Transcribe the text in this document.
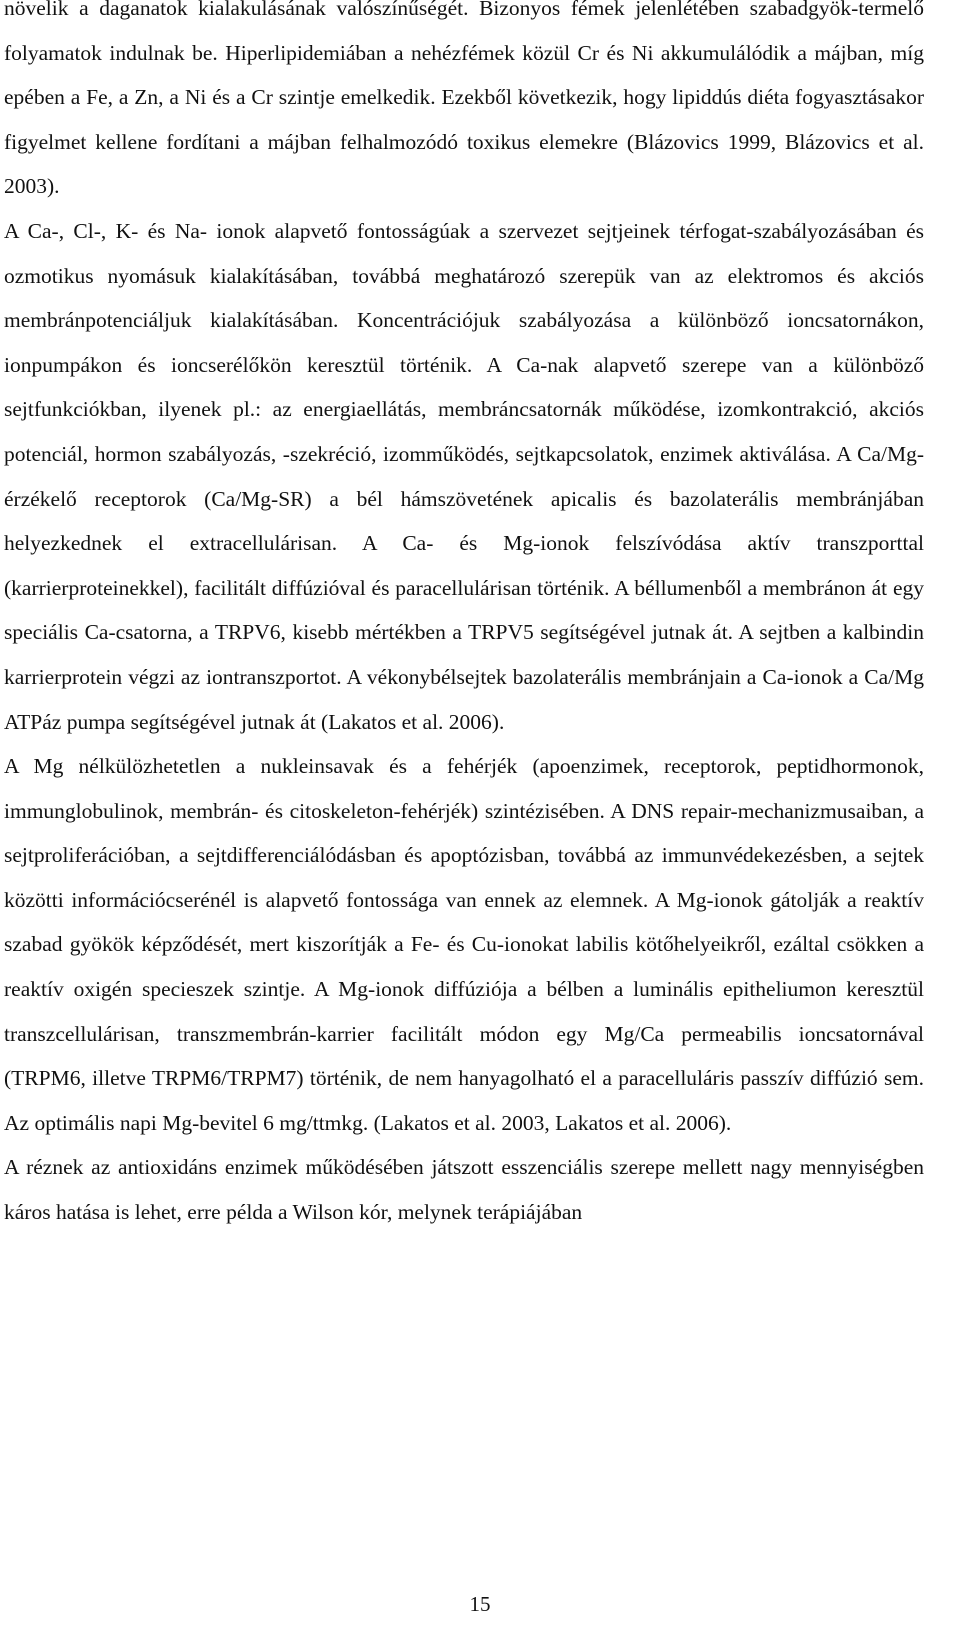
növelik a daganatok kialakulásának valószínűségét. Bizonyos fémek jelenlétében szabadgyök-termelő folyamatok indulnak be. Hiperlipidemiában a nehézfémek közül Cr és Ni akkumulálódik a májban, míg epében a Fe, a Zn, a Ni és a Cr szintje emelkedik. Ezekből következik, hogy lipiddús diéta fogyasztásakor figyelmet kellene fordítani a májban felhalmozódó toxikus elemekre (Blázovics 1999, Blázovics et al. 2003).

A Ca-, Cl-, K- és Na- ionok alapvető fontosságúak a szervezet sejtjeinek térfogat-szabályozásában és ozmotikus nyomásuk kialakításában, továbbá meghatározó szerepük van az elektromos és akciós membránpotenciáljuk kialakításában. Koncentrációjuk szabályozása a különböző ioncsatornákon, ionpumpákon és ioncserélőkön keresztül történik. A Ca-nak alapvető szerepe van a különböző sejtfunkciókban, ilyenek pl.: az energiaellátás, membráncsatornák működése, izomkontrakció, akciós potenciál, hormon szabályozás, -szekréció, izomműködés, sejtkapcsolatok, enzimek aktiválása. A Ca/Mg-érzékelő receptorok (Ca/Mg-SR) a bél hámszövetének apicalis és bazolaterális membránjában helyezkednek el extracellulárisan. A Ca- és Mg-ionok felszívódása aktív transzporttal (karrierproteinekkel), facilitált diffúzióval és paracellulárisan történik. A béllumenből a membránon át egy speciális Ca-csatorna, a TRPV6, kisebb mértékben a TRPV5 segítségével jutnak át. A sejtben a kalbindin karrierprotein végzi az iontranszportot. A vékonybélsejtek bazolaterális membránjain a Ca-ionok a Ca/Mg ATPáz pumpa segítségével jutnak át (Lakatos et al. 2006).

A Mg nélkülözhetetlen a nukleinsavak és a fehérjék (apoenzimek, receptorok, peptidhormonok, immunglobulinok, membrán- és citoskeleton-fehérjék) szintézisében. A DNS repair-mechanizmusaiban, a sejtproliferációban, a sejtdifferenciálódásban és apoptózisban, továbbá az immunvédekezésben, a sejtek közötti információcserénél is alapvető fontossága van ennek az elemnek. A Mg-ionok gátolják a reaktív szabad gyökök képződését, mert kiszorítják a Fe- és Cu-ionokat labilis kötőhelyeikről, ezáltal csökken a reaktív oxigén specieszek szintje. A Mg-ionok diffúziója a bélben a luminális epitheliumon keresztül transzcellulárisan, transzmembrán-karrier facilitált módon egy Mg/Ca permeabilis ioncsatornával (TRPM6, illetve TRPM6/TRPM7) történik, de nem hanyagolható el a paracelluláris passzív diffúzió sem. Az optimális napi Mg-bevitel 6 mg/ttmkg. (Lakatos et al. 2003, Lakatos et al. 2006).

A réznek az antioxidáns enzimek működésében játszott esszenciális szerepe mellett nagy mennyiségben káros hatása is lehet, erre példa a Wilson kór, melynek terápiájában

15
